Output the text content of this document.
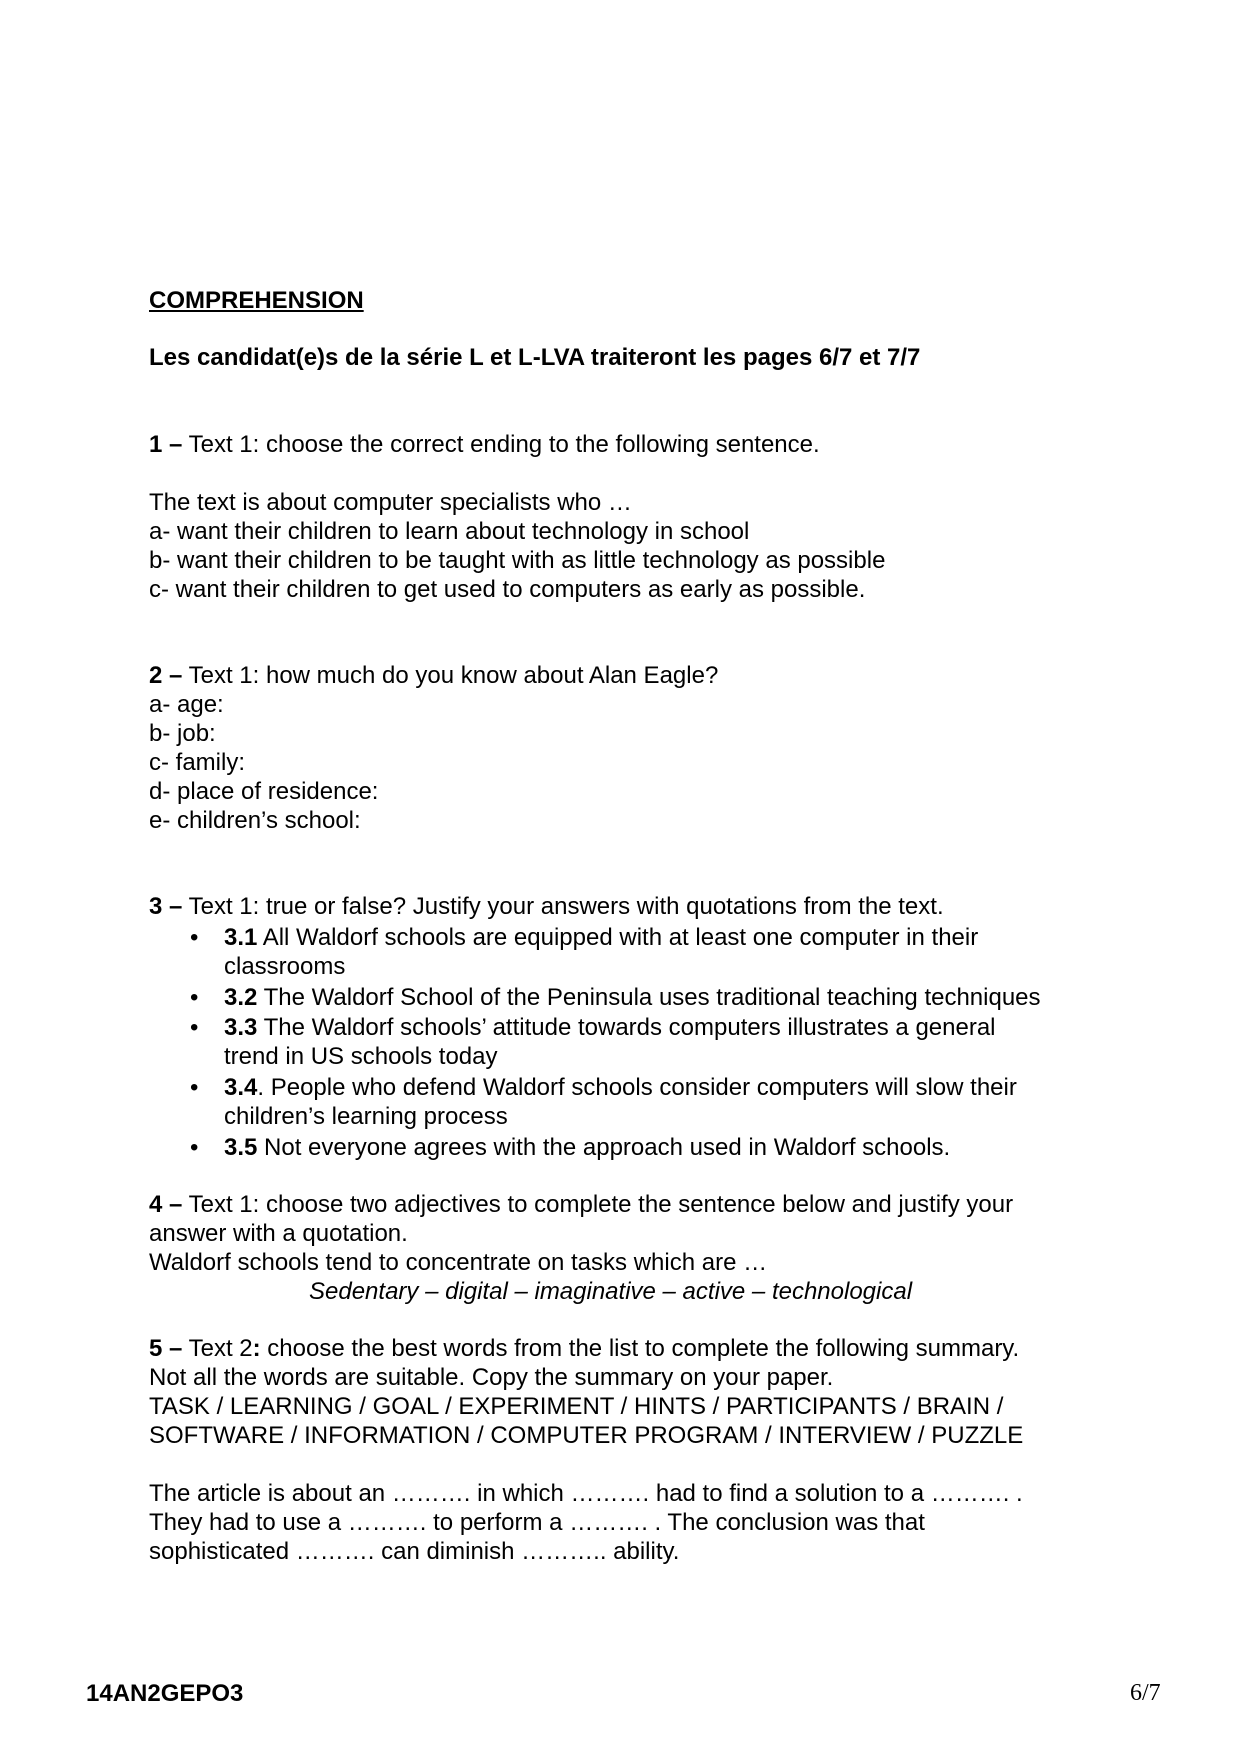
COMPREHENSION
Les candidat(e)s de la série L et L-LVA traiteront les pages 6/7 et 7/7
1 – Text 1: choose the correct ending to the following sentence.
The text is about computer specialists who …
a- want their children to learn about technology in school
b- want their children to be taught with as little technology as possible
c- want their children to get used to computers as early as possible.
2 – Text 1: how much do you know about Alan Eagle?
a- age:
b- job:
c- family:
d- place of residence:
e- children’s school:
3 – Text 1: true or false? Justify your answers with quotations from the text.
• 3.1 All Waldorf schools are equipped with at least one computer in their
classrooms
• 3.2 The Waldorf School of the Peninsula uses traditional teaching techniques
• 3.3 The Waldorf schools’ attitude towards computers illustrates a general
trend in US schools today
• 3.4. People who defend Waldorf schools consider computers will slow their
children’s learning process
• 3.5 Not everyone agrees with the approach used in Waldorf schools.
4 – Text 1: choose two adjectives to complete the sentence below and justify your
answer with a quotation.
Waldorf schools tend to concentrate on tasks which are …
Sedentary – digital – imaginative – active – technological
5 – Text 2: choose the best words from the list to complete the following summary.
Not all the words are suitable. Copy the summary on your paper.
TASK / LEARNING / GOAL / EXPERIMENT / HINTS / PARTICIPANTS / BRAIN /
SOFTWARE / INFORMATION / COMPUTER PROGRAM / INTERVIEW / PUZZLE
The article is about an ………. in which ………. had to find a solution to a ………. .
They had to use a ………. to perform a ………. . The conclusion was that
sophisticated ………. can diminish ……….. ability.
14AN2GEPO3	6/7
